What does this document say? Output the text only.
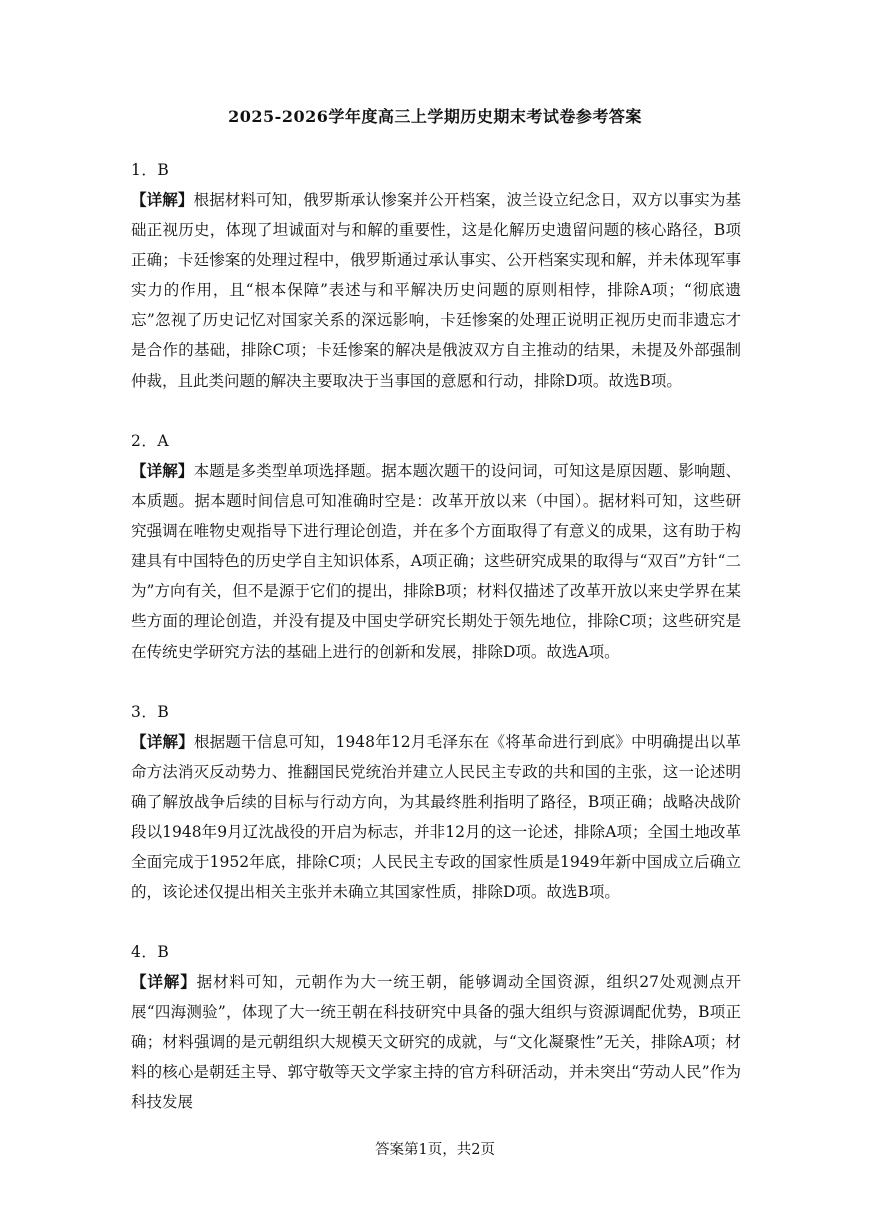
2025-2026学年度高三上学期历史期末考试卷参考答案

1．B

【详解】根据材料可知，俄罗斯承认惨案并公开档案，波兰设立纪念日，双方以事实为基础正视历史，体现了坦诚面对与和解的重要性，这是化解历史遗留问题的核心路径，B项正确；卡廷惨案的处理过程中，俄罗斯通过承认事实、公开档案实现和解，并未体现军事实力的作用，且“根本保障”表述与和平解决历史问题的原则相悖，排除A项；“彻底遗忘”忽视了历史记忆对国家关系的深远影响，卡廷惨案的处理正说明正视历史而非遗忘才是合作的基础，排除C项；卡廷惨案的解决是俄波双方自主推动的结果，未提及外部强制仲裁，且此类问题的解决主要取决于当事国的意愿和行动，排除D项。故选B项。

2．A

【详解】本题是多类型单项选择题。据本题次题干的设问词，可知这是原因题、影响题、本质题。据本题时间信息可知准确时空是：改革开放以来（中国）。据材料可知，这些研究强调在唯物史观指导下进行理论创造，并在多个方面取得了有意义的成果，这有助于构建具有中国特色的历史学自主知识体系，A项正确；这些研究成果的取得与“双百”方针“二为”方向有关，但不是源于它们的提出，排除B项；材料仅描述了改革开放以来史学界在某些方面的理论创造，并没有提及中国史学研究长期处于领先地位，排除C项；这些研究是在传统史学研究方法的基础上进行的创新和发展，排除D项。故选A项。

3．B

【详解】根据题干信息可知，1948年12月毛泽东在《将革命进行到底》中明确提出以革命方法消灭反动势力、推翻国民党统治并建立人民民主专政的共和国的主张，这一论述明确了解放战争后续的目标与行动方向，为其最终胜利指明了路径，B项正确；战略决战阶段以1948年9月辽沈战役的开启为标志，并非12月的这一论述，排除A项；全国土地改革全面完成于1952年底，排除C项；人民民主专政的国家性质是1949年新中国成立后确立的，该论述仅提出相关主张并未确立其国家性质，排除D项。故选B项。

4．B

【详解】据材料可知，元朝作为大一统王朝，能够调动全国资源，组织27处观测点开展“四海测验”，体现了大一统王朝在科技研究中具备的强大组织与资源调配优势，B项正确；材料强调的是元朝组织大规模天文研究的成就，与“文化凝聚性”无关，排除A项；材料的核心是朝廷主导、郭守敬等天文学家主持的官方科研活动，并未突出“劳动人民”作为科技发展

答案第1页，共2页
